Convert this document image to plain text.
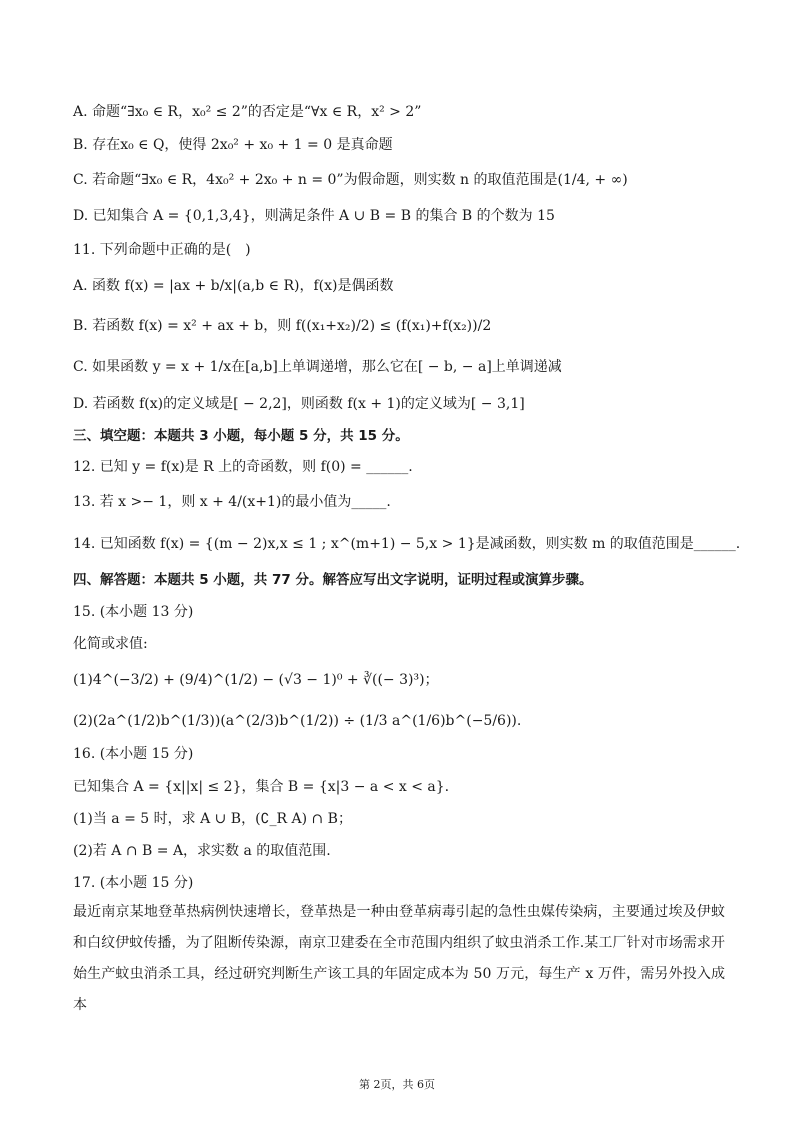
A. 命题“∃x₀ ∈ R，x₀² ≤ 2”的否定是“∀x ∈ R，x² > 2”
B. 存在x₀ ∈ Q，使得 2x₀² + x₀ + 1 = 0 是真命题
C. 若命题“∃x₀ ∈ R，4x₀² + 2x₀ + n = 0”为假命题，则实数 n 的取值范围是(1/4, + ∞)
D. 已知集合 A = {0,1,3,4}，则满足条件 A ∪ B = B 的集合 B 的个数为 15
11. 下列命题中正确的是(　)
A. 函数 f(x) = |ax + b/x|(a,b ∈ R)，f(x)是偶函数
B. 若函数 f(x) = x² + ax + b，则 f((x₁+x₂)/2) ≤ (f(x₁)+f(x₂))/2
C. 如果函数 y = x + 1/x在[a,b]上单调递增，那么它在[ − b, − a]上单调递减
D. 若函数 f(x)的定义域是[ − 2,2]，则函数 f(x + 1)的定义域为[ − 3,1]
三、填空题：本题共 3 小题，每小题 5 分，共 15 分。
12. 已知 y = f(x)是 R 上的奇函数，则 f(0) = ______.
13. 若 x >− 1，则 x + 4/(x+1)的最小值为_____.
14. 已知函数 f(x) = {(m − 2)x,x ≤ 1 ; x^(m+1) − 5,x > 1}是减函数，则实数 m 的取值范围是______.
四、解答题：本题共 5 小题，共 77 分。解答应写出文字说明，证明过程或演算步骤。
15. (本小题 13 分)
化简或求值:
(1)4^(−3/2) + (9/4)^(1/2) − (√3 − 1)⁰ + ∛((− 3)³)；
(2)(2a^(1/2)b^(1/3))(a^(2/3)b^(1/2)) ÷ (1/3 a^(1/6)b^(−5/6)).
16. (本小题 15 分)
已知集合 A = {x||x| ≤ 2}，集合 B = {x|3 − a < x < a}.
(1)当 a = 5 时，求 A ∪ B，(∁_R A) ∩ B；
(2)若 A ∩ B = A，求实数 a 的取值范围.
17. (本小题 15 分)
最近南京某地登革热病例快速增长，登革热是一种由登革病毒引起的急性虫媒传染病，主要通过埃及伊蚊和白纹伊蚊传播，为了阻断传染源，南京卫建委在全市范围内组织了蚊虫消杀工作.某工厂针对市场需求开始生产蚊虫消杀工具，经过研究判断生产该工具的年固定成本为 50 万元，每生产 x 万件，需另外投入成本
第 2页，共 6页
